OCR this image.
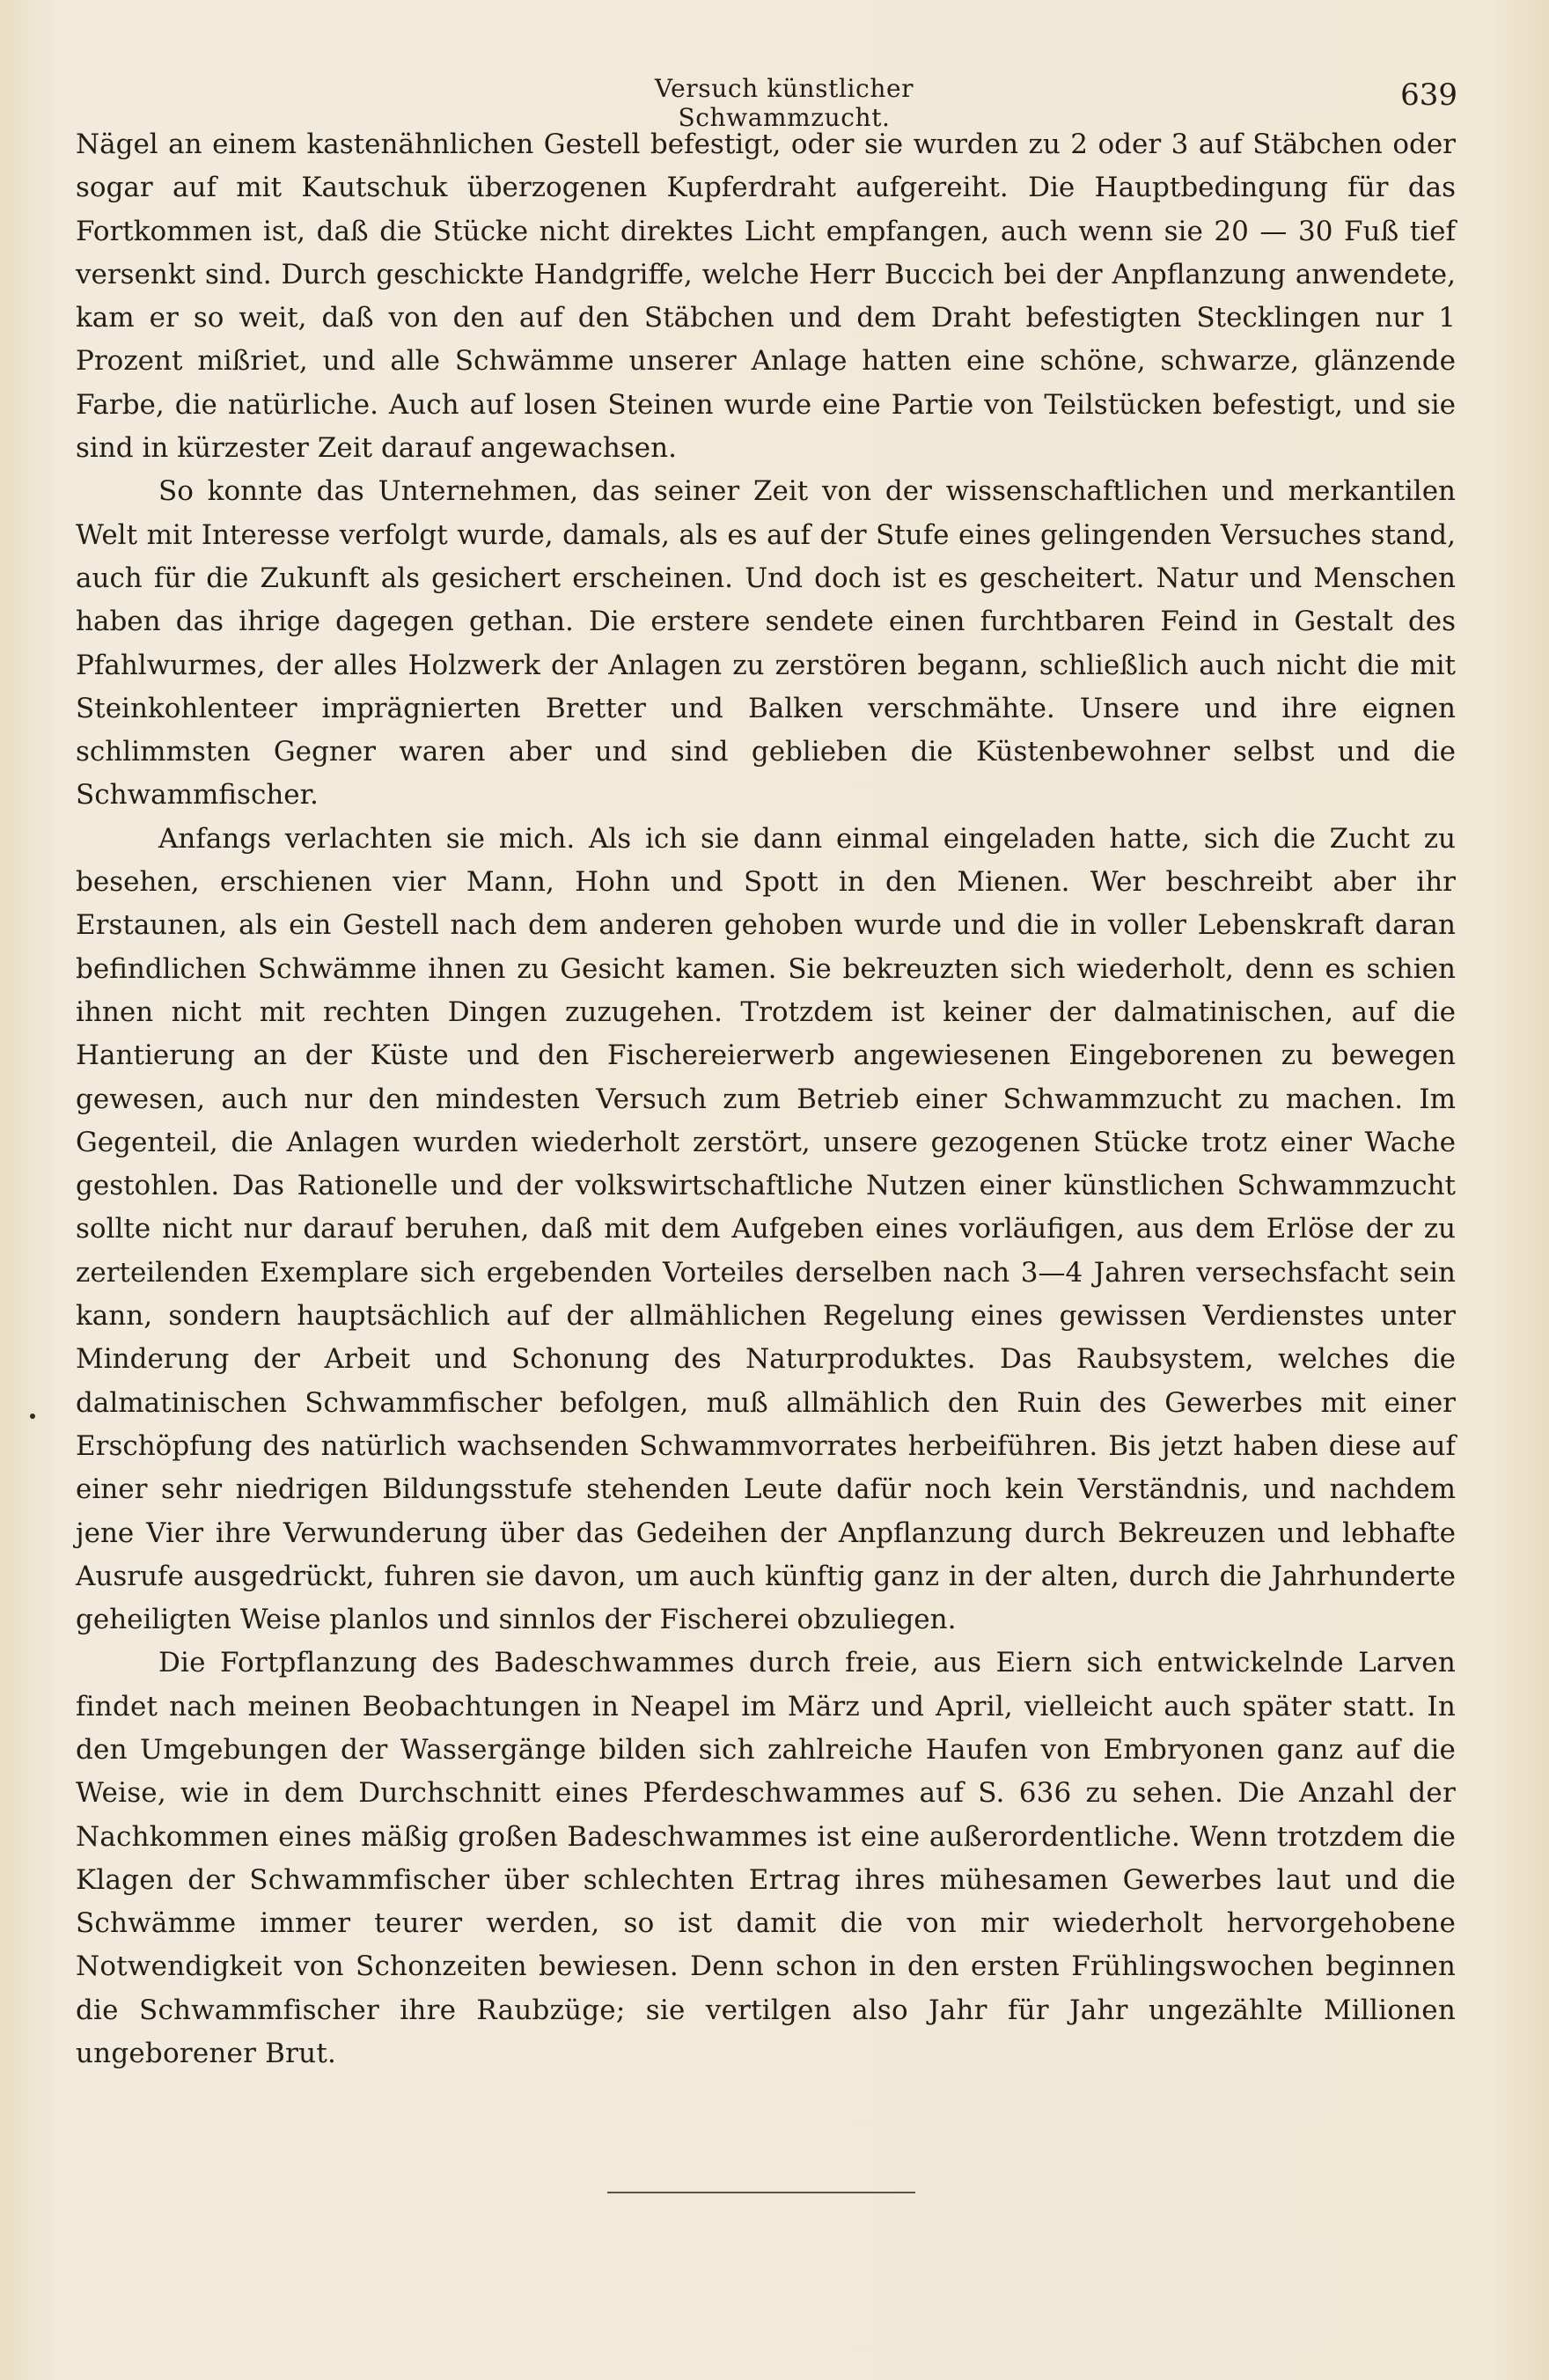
Versuch künstlicher Schwammzucht.
639

Nägel an einem kastenähnlichen Gestell befestigt, oder sie wurden zu 2 oder 3 auf Stäbchen oder sogar auf mit Kautschuk überzogenen Kupferdraht aufgereiht. Die Hauptbedingung für das Fortkommen ist, daß die Stücke nicht direktes Licht empfangen, auch wenn sie 20 — 30 Fuß tief versenkt sind. Durch geschickte Handgriffe, welche Herr Buccich bei der Anpflanzung anwendete, kam er so weit, daß von den auf den Stäbchen und dem Draht befestigten Stecklingen nur 1 Prozent mißriet, und alle Schwämme unserer Anlage hatten eine schöne, schwarze, glänzende Farbe, die natürliche. Auch auf losen Steinen wurde eine Partie von Teilstücken befestigt, und sie sind in kürzester Zeit darauf angewachsen.

So konnte das Unternehmen, das seiner Zeit von der wissenschaftlichen und merkantilen Welt mit Interesse verfolgt wurde, damals, als es auf der Stufe eines gelingenden Versuches stand, auch für die Zukunft als gesichert erscheinen. Und doch ist es gescheitert. Natur und Menschen haben das ihrige dagegen gethan. Die erstere sendete einen furchtbaren Feind in Gestalt des Pfahlwurmes, der alles Holzwerk der Anlagen zu zerstören begann, schließlich auch nicht die mit Steinkohlenteer imprägnierten Bretter und Balken verschmähte. Unsere und ihre eignen schlimmsten Gegner waren aber und sind geblieben die Küstenbewohner selbst und die Schwammfischer.

Anfangs verlachten sie mich. Als ich sie dann einmal eingeladen hatte, sich die Zucht zu besehen, erschienen vier Mann, Hohn und Spott in den Mienen. Wer beschreibt aber ihr Erstaunen, als ein Gestell nach dem anderen gehoben wurde und die in voller Lebenskraft daran befindlichen Schwämme ihnen zu Gesicht kamen. Sie bekreuzten sich wiederholt, denn es schien ihnen nicht mit rechten Dingen zuzugehen. Trotzdem ist keiner der dalmatinischen, auf die Hantierung an der Küste und den Fischereierwerb angewiesenen Eingeborenen zu bewegen gewesen, auch nur den mindesten Versuch zum Betrieb einer Schwammzucht zu machen. Im Gegenteil, die Anlagen wurden wiederholt zerstört, unsere gezogenen Stücke trotz einer Wache gestohlen. Das Rationelle und der volkswirtschaftliche Nutzen einer künstlichen Schwammzucht sollte nicht nur darauf beruhen, daß mit dem Aufgeben eines vorläufigen, aus dem Erlöse der zu zerteilenden Exemplare sich ergebenden Vorteiles derselben nach 3—4 Jahren versechsfacht sein kann, sondern hauptsächlich auf der allmählichen Regelung eines gewissen Verdienstes unter Minderung der Arbeit und Schonung des Naturproduktes. Das Raubsystem, welches die dalmatinischen Schwammfischer befolgen, muß allmählich den Ruin des Gewerbes mit einer Erschöpfung des natürlich wachsenden Schwammvorrates herbeiführen. Bis jetzt haben diese auf einer sehr niedrigen Bildungsstufe stehenden Leute dafür noch kein Verständnis, und nachdem jene Vier ihre Verwunderung über das Gedeihen der Anpflanzung durch Bekreuzen und lebhafte Ausrufe ausgedrückt, fuhren sie davon, um auch künftig ganz in der alten, durch die Jahrhunderte geheiligten Weise planlos und sinnlos der Fischerei obzuliegen.

Die Fortpflanzung des Badeschwammes durch freie, aus Eiern sich entwickelnde Larven findet nach meinen Beobachtungen in Neapel im März und April, vielleicht auch später statt. In den Umgebungen der Wassergänge bilden sich zahlreiche Haufen von Embryonen ganz auf die Weise, wie in dem Durchschnitt eines Pferdeschwammes auf S. 636 zu sehen. Die Anzahl der Nachkommen eines mäßig großen Badeschwammes ist eine außerordentliche. Wenn trotzdem die Klagen der Schwammfischer über schlechten Ertrag ihres mühesamen Gewerbes laut und die Schwämme immer teurer werden, so ist damit die von mir wiederholt hervorgehobene Notwendigkeit von Schonzeiten bewiesen. Denn schon in den ersten Frühlingswochen beginnen die Schwammfischer ihre Raubzüge; sie vertilgen also Jahr für Jahr ungezählte Millionen ungeborener Brut.
